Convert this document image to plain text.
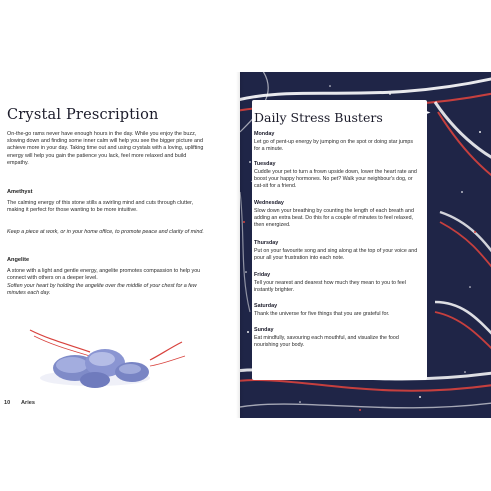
Crystal Prescription

On-the-go rams never have enough hours in the day. While you enjoy the buzz, slowing down and finding some inner calm will help you see the bigger picture and achieve more in your day. Taking time out and using crystals with a loving, uplifting energy will help you gain the patience you lack, feel more relaxed and build empathy.

Amethyst

The calming energy of this stone stills a swirling mind and cuts through clutter, making it perfect for those wanting to be more intuitive.

Keep a piece at work, or in your home office, to promote peace and clarity of mind.

Angelite

A stone with a light and gentle energy, angelite promotes compassion to help you connect with others on a deeper level.

Soften your heart by holding the angelite over the middle of your chest for a few minutes each day.

10 Aries
Daily Stress Busters
Monday

Let go of pent-up energy by jumping on the spot or doing star jumps for a minute.

Tuesday

Cuddle your pet to turn a frown upside down, lower the heart rate and boost your happy hormones. No pet? Walk your neighbour's dog, or cat-sit for a friend.

Wednesday

Slow down your breathing by counting the length of each breath and adding an extra beat. Do this for a couple of minutes to feel relaxed, then energized.

Thursday

Put on your favourite song and sing along at the top of your voice and pour all your frustration into each note.

Friday

Tell your nearest and dearest how much they mean to you to feel instantly brighter.

Saturday

Thank the universe for five things that you are grateful for.

Sunday

Eat mindfully, savouring each mouthful, and visualize the food nourishing your body.
